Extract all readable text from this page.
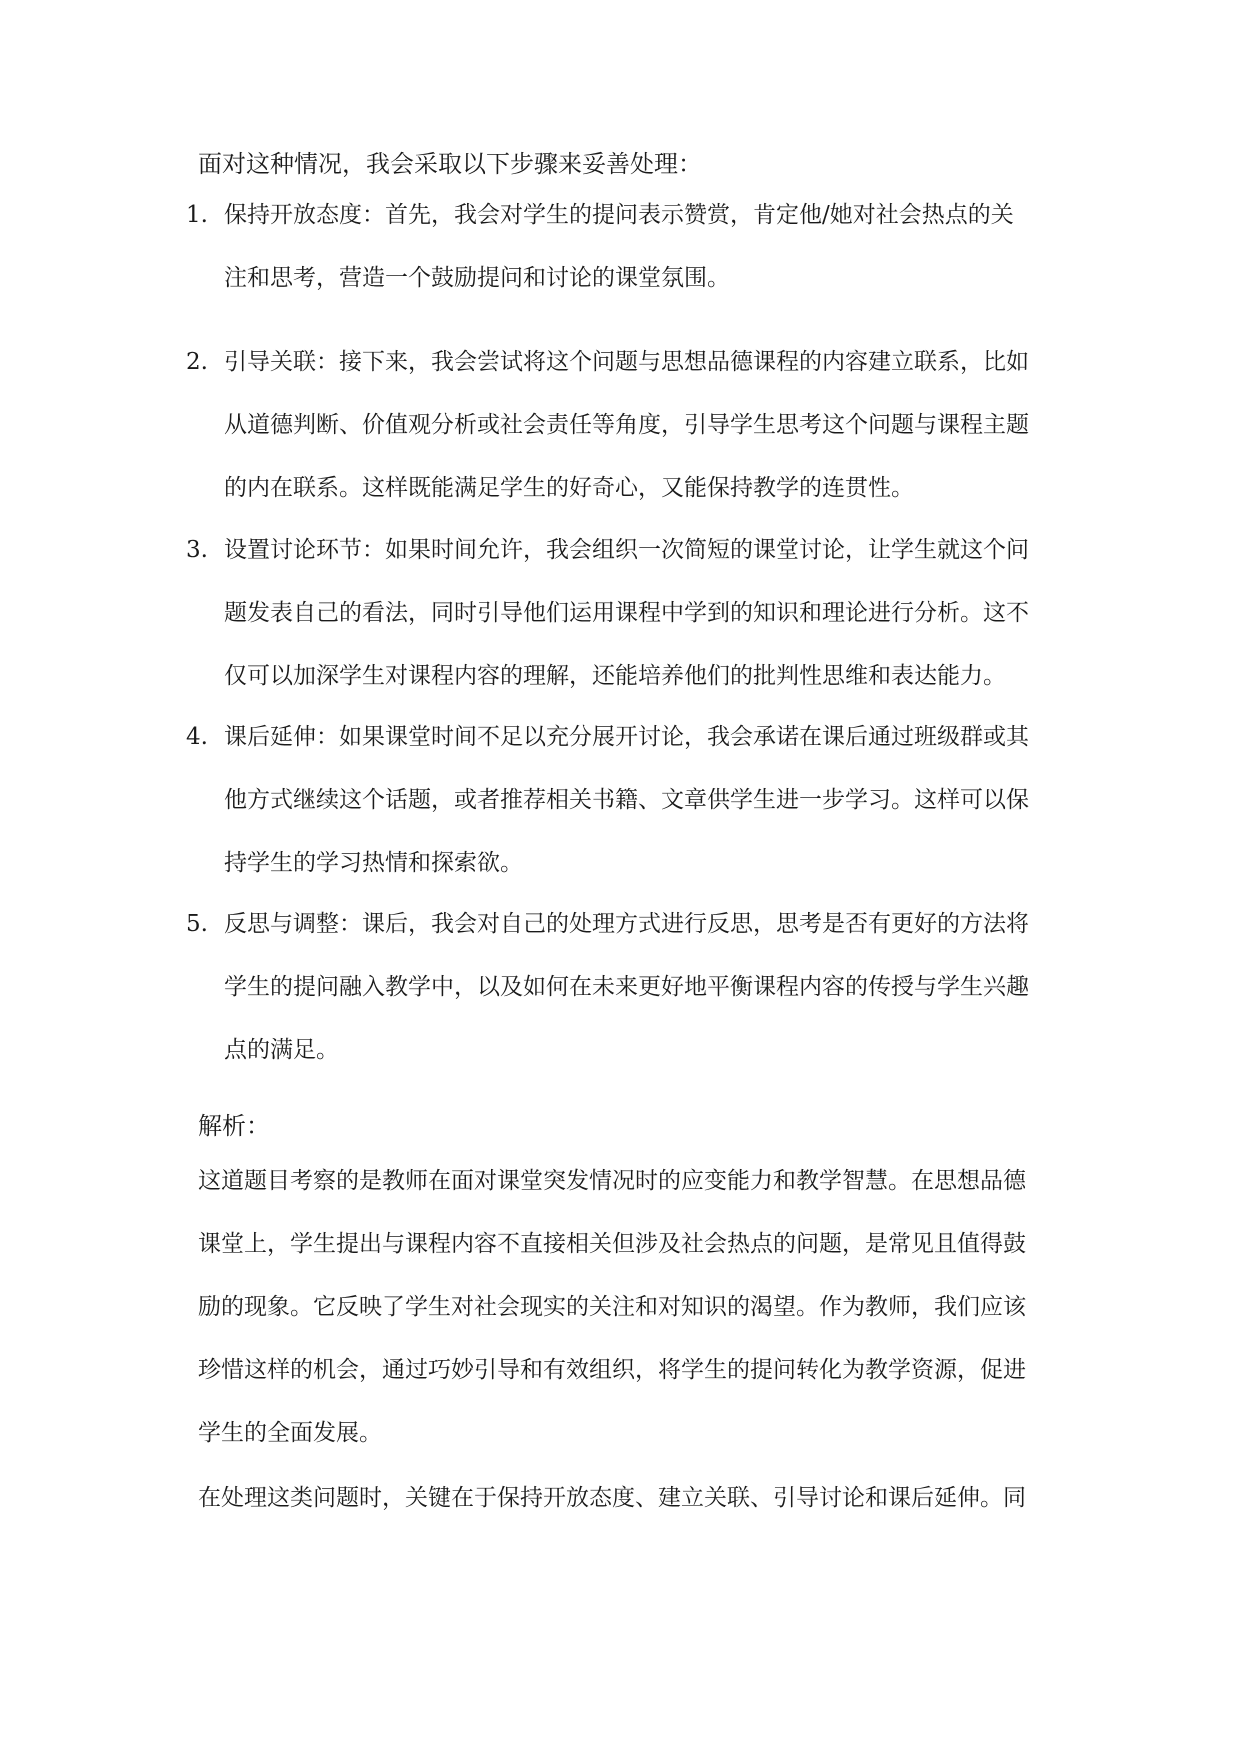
面对这种情况，我会采取以下步骤来妥善处理：
1. 保持开放态度：首先，我会对学生的提问表示赞赏，肯定他/她对社会热点的关
注和思考，营造一个鼓励提问和讨论的课堂氛围。
2. 引导关联：接下来，我会尝试将这个问题与思想品德课程的内容建立联系，比如
从道德判断、价值观分析或社会责任等角度，引导学生思考这个问题与课程主题
的内在联系。这样既能满足学生的好奇心，又能保持教学的连贯性。
3. 设置讨论环节：如果时间允许，我会组织一次简短的课堂讨论，让学生就这个问
题发表自己的看法，同时引导他们运用课程中学到的知识和理论进行分析。这不
仅可以加深学生对课程内容的理解，还能培养他们的批判性思维和表达能力。
4. 课后延伸：如果课堂时间不足以充分展开讨论，我会承诺在课后通过班级群或其
他方式继续这个话题，或者推荐相关书籍、文章供学生进一步学习。这样可以保
持学生的学习热情和探索欲。
5. 反思与调整：课后，我会对自己的处理方式进行反思，思考是否有更好的方法将
学生的提问融入教学中，以及如何在未来更好地平衡课程内容的传授与学生兴趣
点的满足。
解析：
这道题目考察的是教师在面对课堂突发情况时的应变能力和教学智慧。在思想品德
课堂上，学生提出与课程内容不直接相关但涉及社会热点的问题，是常见且值得鼓
励的现象。它反映了学生对社会现实的关注和对知识的渴望。作为教师，我们应该
珍惜这样的机会，通过巧妙引导和有效组织，将学生的提问转化为教学资源，促进
学生的全面发展。
在处理这类问题时，关键在于保持开放态度、建立关联、引导讨论和课后延伸。同
